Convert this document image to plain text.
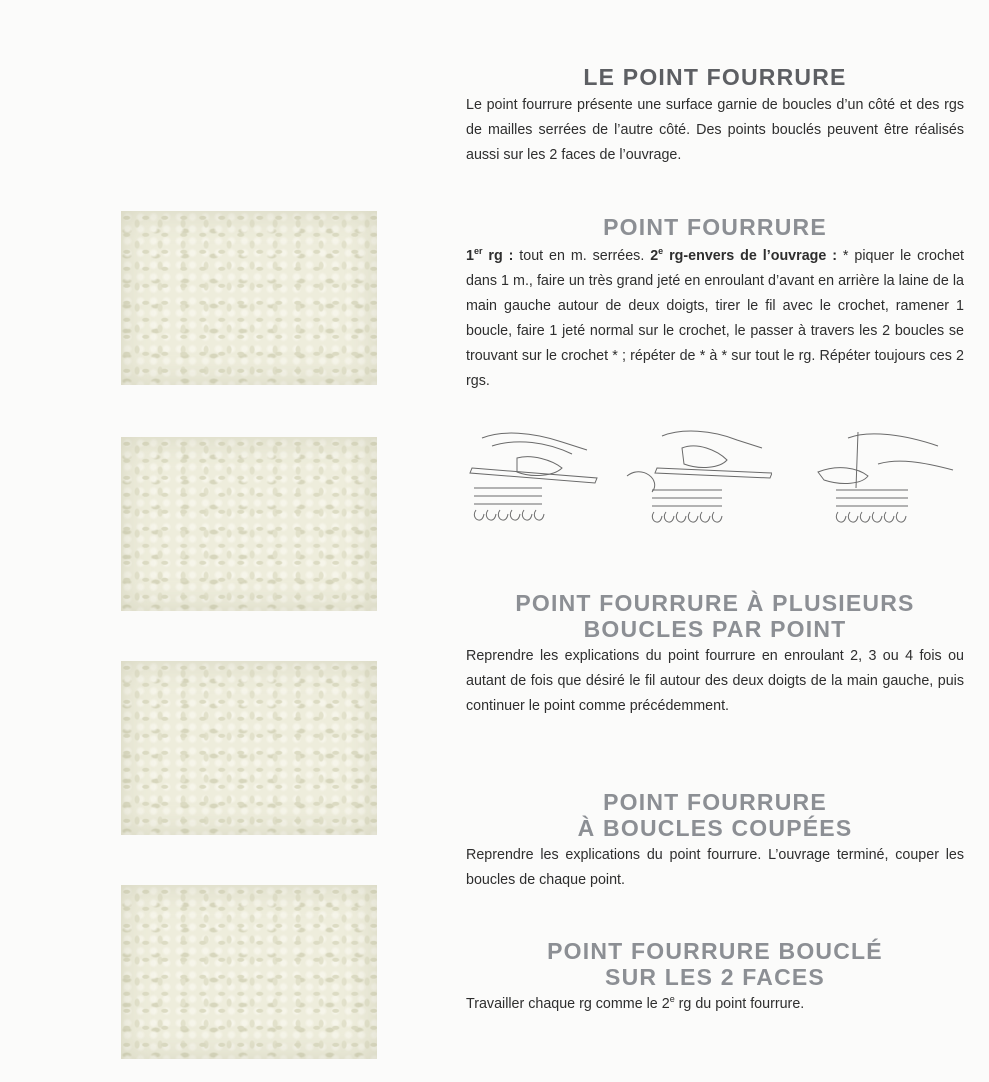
LE POINT FOURRURE

Le point fourrure présente une surface garnie de boucles d’un côté et des rgs de mailles serrées de l’autre côté. Des points bouclés peuvent être réalisés aussi sur les 2 faces de l’ouvrage.

POINT FOURRURE

1er rg : tout en m. serrées. 2e rg-envers de l’ouvrage : * piquer le crochet dans 1 m., faire un très grand jeté en enroulant d’avant en arrière la laine de la main gauche autour de deux doigts, tirer le fil avec le crochet, ramener 1 boucle, faire 1 jeté normal sur le crochet, le passer à travers les 2 boucles se trouvant sur le crochet * ; répéter de * à * sur tout le rg. Répéter toujours ces 2 rgs.

POINT FOURRURE À PLUSIEURS
BOUCLES PAR POINT

Reprendre les explications du point fourrure en enroulant 2, 3 ou 4 fois ou autant de fois que désiré le fil autour des deux doigts de la main gauche, puis continuer le point comme précédemment.

POINT FOURRURE
À BOUCLES COUPÉES

Reprendre les explications du point fourrure. L’ouvrage terminé, couper les boucles de chaque point.

POINT FOURRURE BOUCLÉ
SUR LES 2 FACES

Travailler chaque rg comme le 2e rg du point fourrure.
